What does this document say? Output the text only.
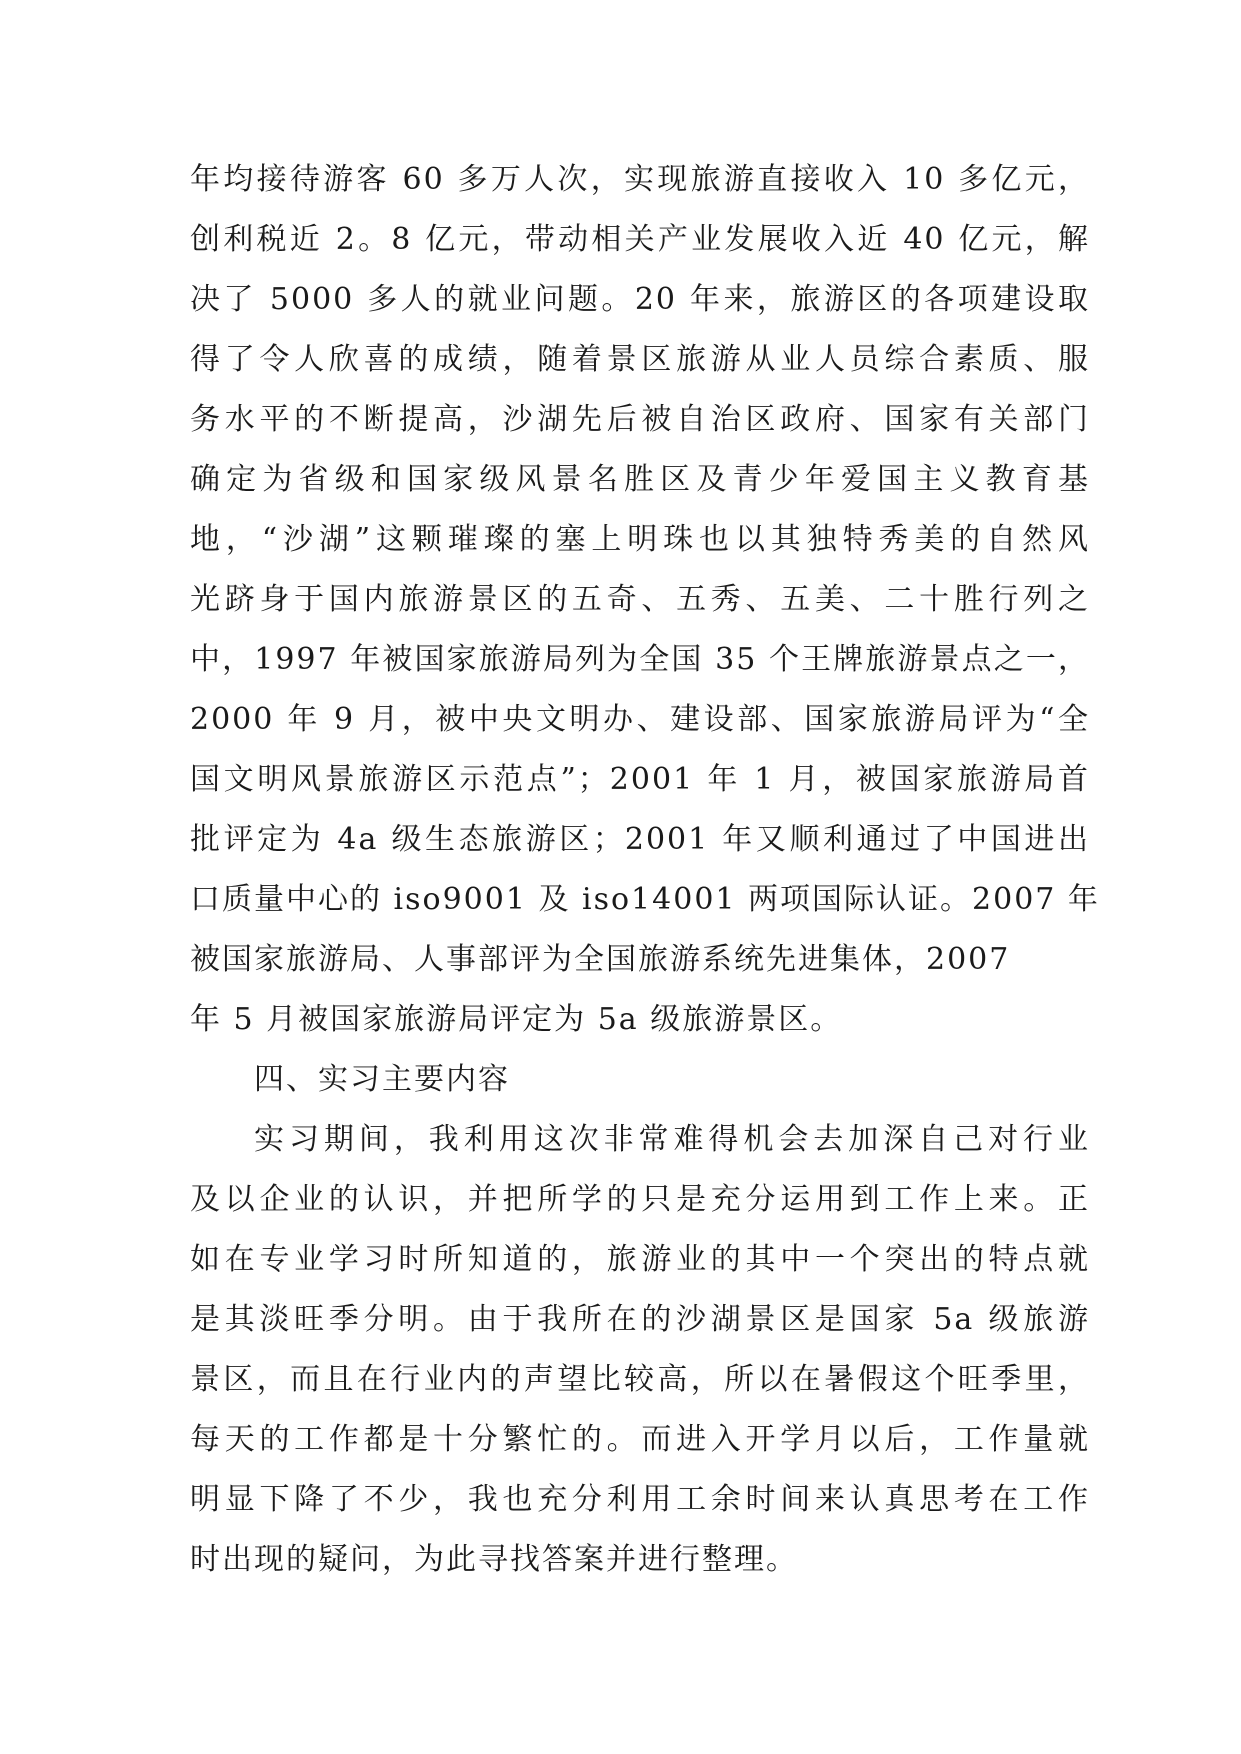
年均接待游客 60 多万人次，实现旅游直接收入 10 多亿元，
创利税近 2。8 亿元，带动相关产业发展收入近 40 亿元，解
决了 5000 多人的就业问题。20 年来，旅游区的各项建设取
得了令人欣喜的成绩，随着景区旅游从业人员综合素质、服
务水平的不断提高，沙湖先后被自治区政府、国家有关部门
确定为省级和国家级风景名胜区及青少年爱国主义教育基
地，“沙湖”这颗璀璨的塞上明珠也以其独特秀美的自然风
光跻身于国内旅游景区的五奇、五秀、五美、二十胜行列之
中，1997 年被国家旅游局列为全国 35 个王牌旅游景点之一，
2000 年 9 月，被中央文明办、建设部、国家旅游局评为“全
国文明风景旅游区示范点”；2001 年 1 月，被国家旅游局首
批评定为 4a 级生态旅游区；2001 年又顺利通过了中国进出
口质量中心的 iso9001 及 iso14001 两项国际认证。2007 年
被国家旅游局、人事部评为全国旅游系统先进集体，2007
年 5 月被国家旅游局评定为 5a 级旅游景区。
四、实习主要内容
实习期间，我利用这次非常难得机会去加深自己对行业
及以企业的认识，并把所学的只是充分运用到工作上来。正
如在专业学习时所知道的，旅游业的其中一个突出的特点就
是其淡旺季分明。由于我所在的沙湖景区是国家 5a 级旅游
景区，而且在行业内的声望比较高，所以在暑假这个旺季里，
每天的工作都是十分繁忙的。而进入开学月以后，工作量就
明显下降了不少，我也充分利用工余时间来认真思考在工作
时出现的疑问，为此寻找答案并进行整理。
